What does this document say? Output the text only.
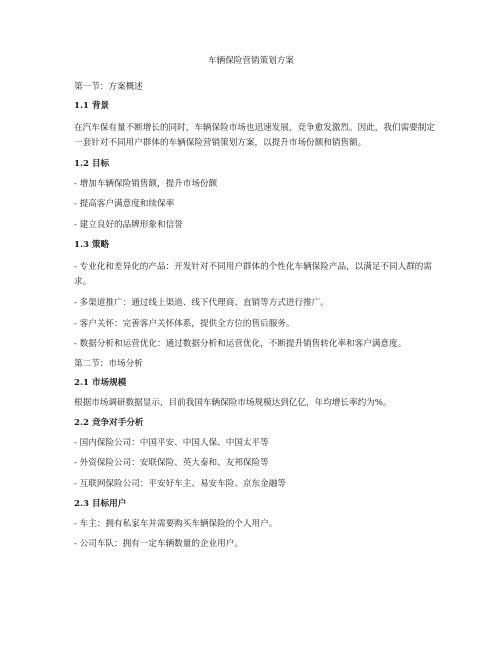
车辆保险营销策划方案
第一节：方案概述
1.1 背景
在汽车保有量不断增长的同时，车辆保险市场也迅速发展，竞争愈发激烈。因此，我们需要制定一套针对不同用户群体的车辆保险营销策划方案，以提升市场份额和销售额。
1.2 目标
- 增加车辆保险销售额，提升市场份额
- 提高客户满意度和续保率
- 建立良好的品牌形象和信誉
1.3 策略
- 专业化和差异化的产品：开发针对不同用户群体的个性化车辆保险产品，以满足不同人群的需求。
- 多渠道推广：通过线上渠道、线下代理商、直销等方式进行推广。
- 客户关怀：完善客户关怀体系，提供全方位的售后服务。
- 数据分析和运营优化：通过数据分析和运营优化，不断提升销售转化率和客户满意度。
第二节：市场分析
2.1 市场规模
根据市场调研数据显示，目前我国车辆保险市场规模达到亿亿，年均增长率约为%。
2.2 竞争对手分析
- 国内保险公司：中国平安、中国人保、中国太平等
- 外资保险公司：安联保险、英大泰和、友邦保险等
- 互联网保险公司：平安好车主、易安车险、京东金融等
2.3 目标用户
- 车主：拥有私家车并需要购买车辆保险的个人用户。
- 公司车队：拥有一定车辆数量的企业用户。
